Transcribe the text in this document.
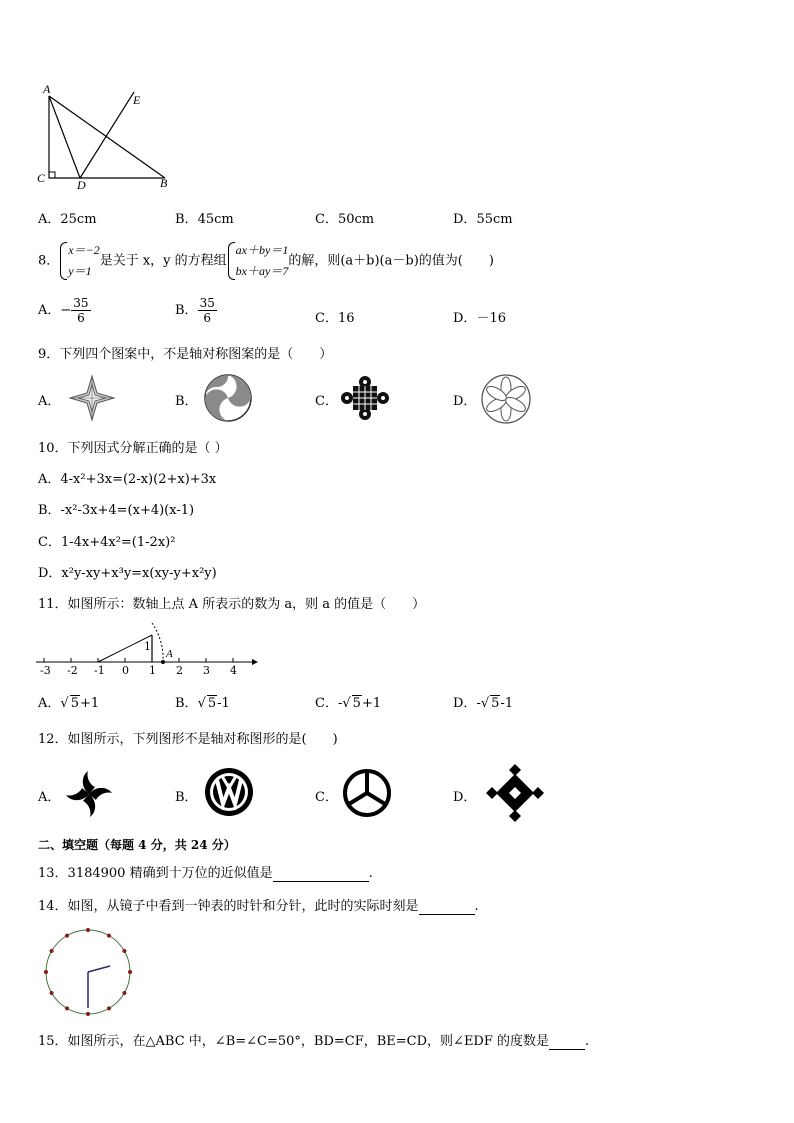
A
E
C	D	B
A．25cm	B．45cm	C．50cm	D．55cm
8．
x＝−2
y＝1
是关于 x，y 的方程组
ax＋by＝1
bx＋ay＝7
的解，则(a＋b)(a－b)的值为(　　)
A．− $\frac{35}{6}$	B． $\frac{35}{6}$	C．16	D．－16
9．下列四个图案中，不是轴对称图案的是（　　）
A．	B．	C．	D．
10．下列因式分解正确的是（ ）
A．4-x²+3x=(2-x)(2+x)+3x
B．-x²-3x+4=(x+4)(x-1)
C．1-4x+4x²=(1-2x)²
D．x²y-xy+x³y=x(xy-y+x²y)
11．如图所示：数轴上点 A 所表示的数为 a，则 a 的值是（　　）
-3 -2 -1 0 1 2 3 4
1
A
A．√ 5+1	B．√ 5-1	C．-√ 5+1	D．-√ 5-1
12．如图所示，下列图形不是轴对称图形的是(　　)
A．	B．	C．	D．
二、填空题（每题 4 分，共 24 分）
13．3184900 精确到十万位的近似值是	.
14．如图，从镜子中看到一钟表的时针和分针，此时的实际时刻是	.
15．如图所示，在△ABC 中，∠B=∠C=50°，BD=CF，BE=CD，则∠EDF 的度数是	.
